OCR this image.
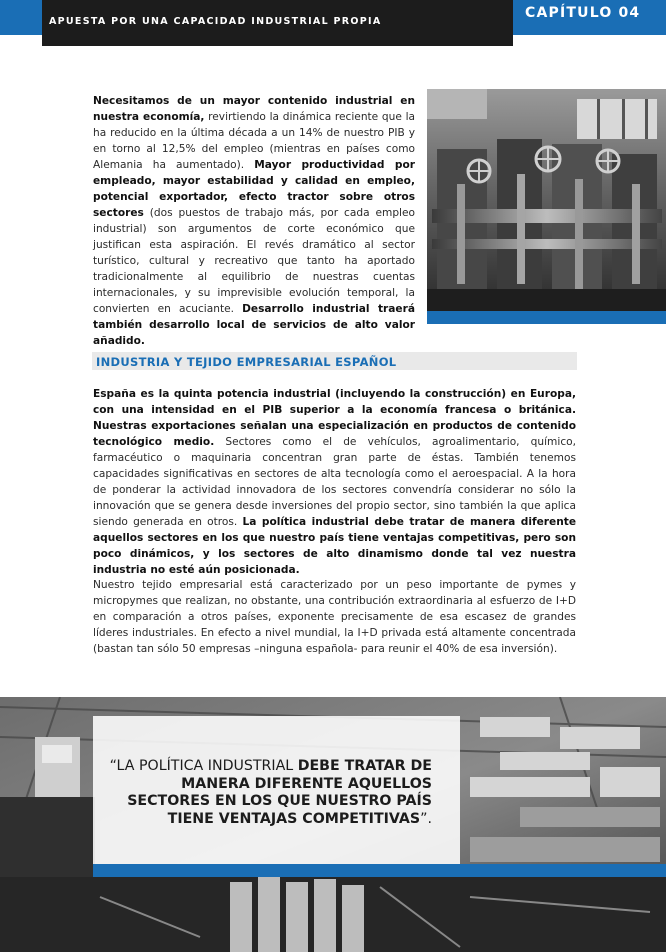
APUESTA POR UNA CAPACIDAD INDUSTRIAL PROPIA
CAPÍTULO 04

Necesitamos de un mayor contenido industrial en nuestra economía, revirtiendo la dinámica reciente que la ha reducido en la última década a un 14% de nuestro PIB y en torno al 12,5% del empleo (mientras en países como Alemania ha aumentado). Mayor productividad por empleado, mayor estabilidad y calidad en empleo, potencial exportador, efecto tractor sobre otros sectores (dos puestos de trabajo más, por cada empleo industrial) son argumentos de corte económico que justifican esta aspiración. El revés dramático al sector turístico, cultural y recreativo que tanto ha aportado tradicionalmente al equilibrio de nuestras cuentas internacionales, y su imprevisible evolución temporal, la convierten en acuciante. Desarrollo industrial traerá también desarrollo local de servicios de alto valor añadido.

INDUSTRIA Y TEJIDO EMPRESARIAL ESPAÑOL

España es la quinta potencia industrial (incluyendo la construcción) en Europa, con una intensidad en el PIB superior a la economía francesa o británica. Nuestras exportaciones señalan una especialización en productos de contenido tecnológico medio. Sectores como el de vehículos, agroalimentario, químico, farmacéutico o maquinaria concentran gran parte de éstas. También tenemos capacidades significativas en sectores de alta tecnología como el aeroespacial. A la hora de ponderar la actividad innovadora de los sectores convendría considerar no sólo la innovación que se genera desde inversiones del propio sector, sino también la que aplica siendo generada en otros. La política industrial debe tratar de manera diferente aquellos sectores en los que nuestro país tiene ventajas competitivas, pero son poco dinámicos, y los sectores de alto dinamismo donde tal vez nuestra industria no esté aún posicionada.

Nuestro tejido empresarial está caracterizado por un peso importante de pymes y micropymes que realizan, no obstante, una contribución extraordinaria al esfuerzo de I+D en comparación a otros países, exponente precisamente de esa escasez de grandes líderes industriales. En efecto a nivel mundial, la I+D privada está altamente concentrada (bastan tan sólo 50 empresas –ninguna española- para reunir el 40% de esa inversión).

“LA POLÍTICA INDUSTRIAL DEBE TRATAR DE MANERA DIFERENTE AQUELLOS SECTORES EN LOS QUE NUESTRO PAÍS TIENE VENTAJAS COMPETITIVAS”.
